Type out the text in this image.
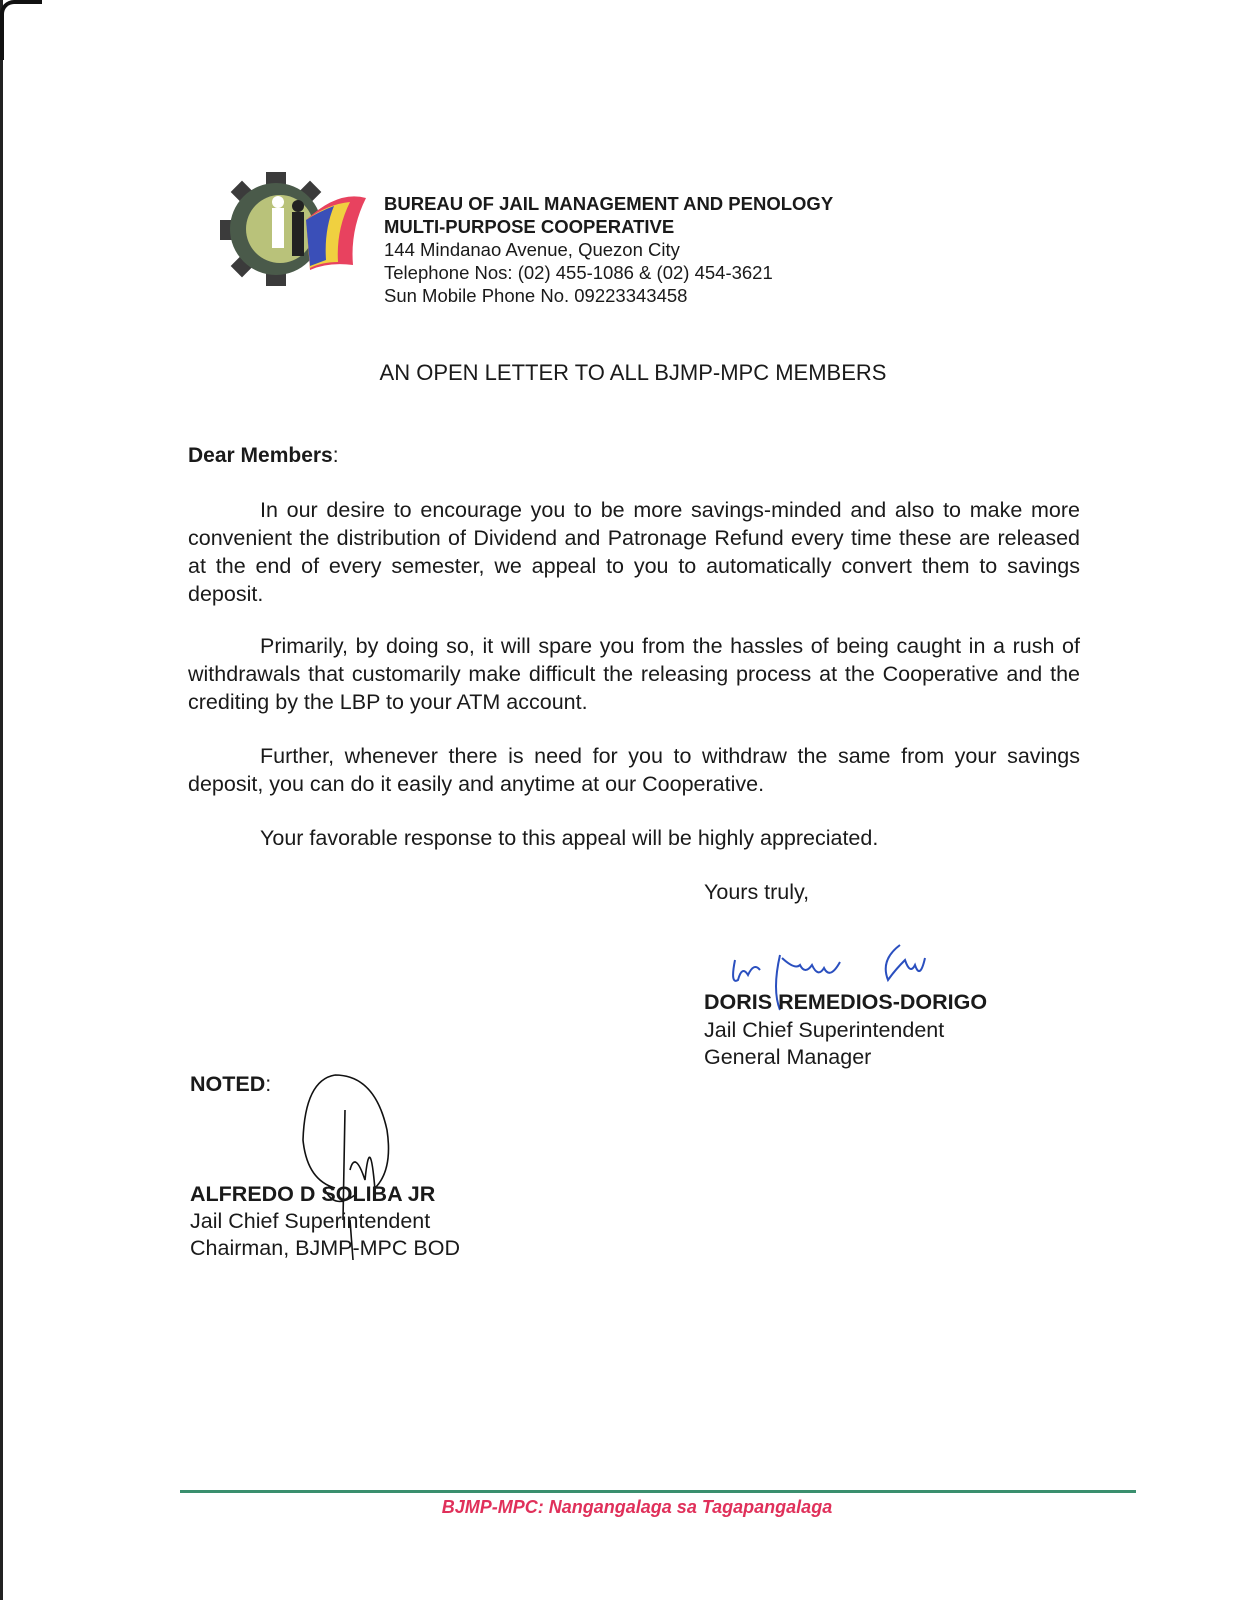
BUREAU OF JAIL MANAGEMENT AND PENOLOGY
MULTI-PURPOSE COOPERATIVE
144 Mindanao Avenue, Quezon City
Telephone Nos: (02) 455-1086 & (02) 454-3621
Sun Mobile Phone No. 09223343458
AN OPEN LETTER TO ALL BJMP-MPC MEMBERS
Dear Members:

In our desire to encourage you to be more savings-minded and also to make more convenient the distribution of Dividend and Patronage Refund every time these are released at the end of every semester, we appeal to you to automatically convert them to savings deposit.

Primarily, by doing so, it will spare you from the hassles of being caught in a rush of withdrawals that customarily make difficult the releasing process at the Cooperative and the crediting by the LBP to your ATM account.

Further, whenever there is need for you to withdraw the same from your savings deposit, you can do it easily and anytime at our Cooperative.

Your favorable response to this appeal will be highly appreciated.

Yours truly,
DORIS REMEDIOS-DORIGO
Jail Chief Superintendent
General Manager
NOTED:
ALFREDO D SOLIBA JR
Jail Chief Superintendent
Chairman, BJMP-MPC BOD
BJMP-MPC: Nangangalaga sa Tagapangalaga
